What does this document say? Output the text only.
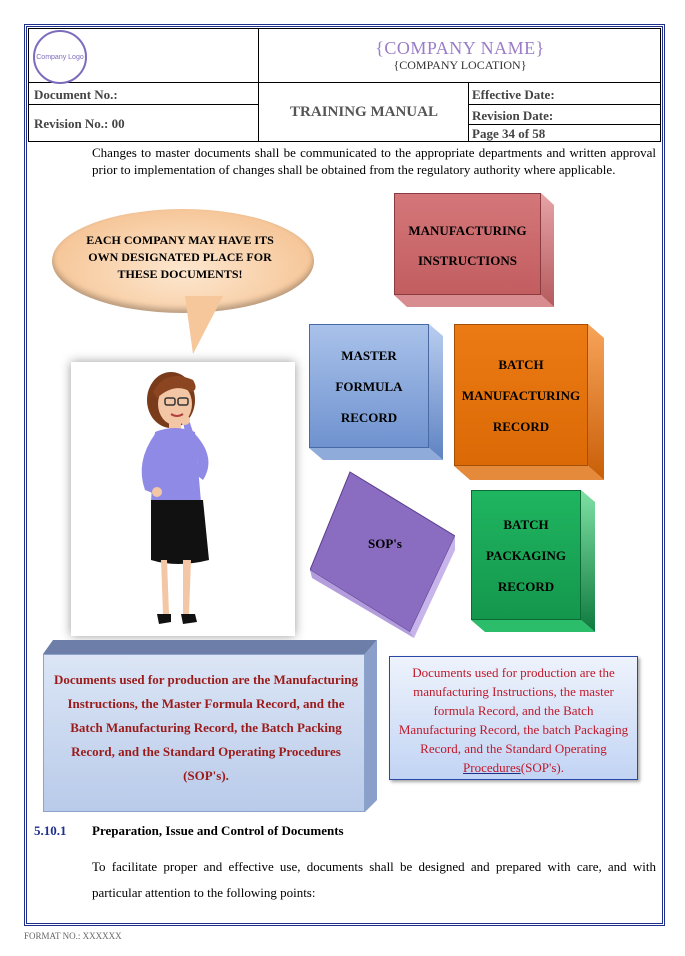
Company Logo	{COMPANY NAME}
{COMPANY LOCATION}
Document No.:
Revision No.: 00
TRAINING MANUAL
Effective Date:
Revision Date:
Page 34 of 58
Changes to master documents shall be communicated to the appropriate departments and written approval prior to implementation of changes shall be obtained from the regulatory authority where applicable.
EACH COMPANY MAY HAVE ITS OWN DESIGNATED PLACE FOR THESE DOCUMENTS!
MANUFACTURING INSTRUCTIONS
MASTER FORMULA RECORD
BATCH MANUFACTURING RECORD
SOP's
BATCH PACKAGING RECORD
Documents used for production are the Manufacturing Instructions, the Master Formula Record, and the Batch Manufacturing Record, the Batch Packing Record, and the Standard Operating Procedures (SOP's).
Documents used for production are the manufacturing Instructions, the master formula Record, and the Batch Manufacturing Record, the batch Packaging Record, and the Standard Operating Procedures(SOP's).
5.10.1 Preparation, Issue and Control of Documents
To facilitate proper and effective use, documents shall be designed and prepared with care, and with particular attention to the following points:
FORMAT NO.: XXXXXX
